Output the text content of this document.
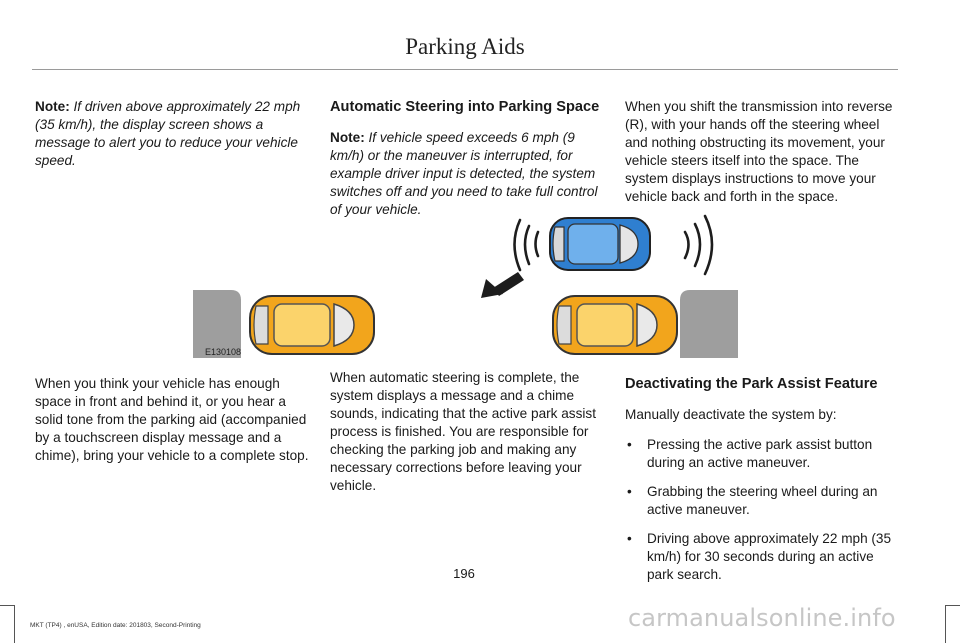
Parking Aids
Note: If driven above approximately 22 mph (35 km/h), the display screen shows a message to alert you to reduce your vehicle speed.
Automatic Steering into Parking Space
Note: If vehicle speed exceeds 6 mph (9 km/h) or the maneuver is interrupted, for example driver input is detected, the system switches off and you need to take full control of your vehicle.
When you shift the transmission into reverse (R), with your hands off the steering wheel and nothing obstructing its movement, your vehicle steers itself into the space. The system displays instructions to move your vehicle back and forth in the space.
E130108
When you think your vehicle has enough space in front and behind it, or you hear a solid tone from the parking aid (accompanied by a touchscreen display message and a chime), bring your vehicle to a complete stop.
When automatic steering is complete, the system displays a message and a chime sounds, indicating that the active park assist process is finished. You are responsible for checking the parking job and making any necessary corrections before leaving your vehicle.
Deactivating the Park Assist Feature
Manually deactivate the system by:
• Pressing the active park assist button during an active maneuver.
• Grabbing the steering wheel during an active maneuver.
• Driving above approximately 22 mph (35 km/h) for 30 seconds during an active park search.
196
MKT (TP4) , enUSA, Edition date: 201803, Second-Printing	carmanualsonline.info
